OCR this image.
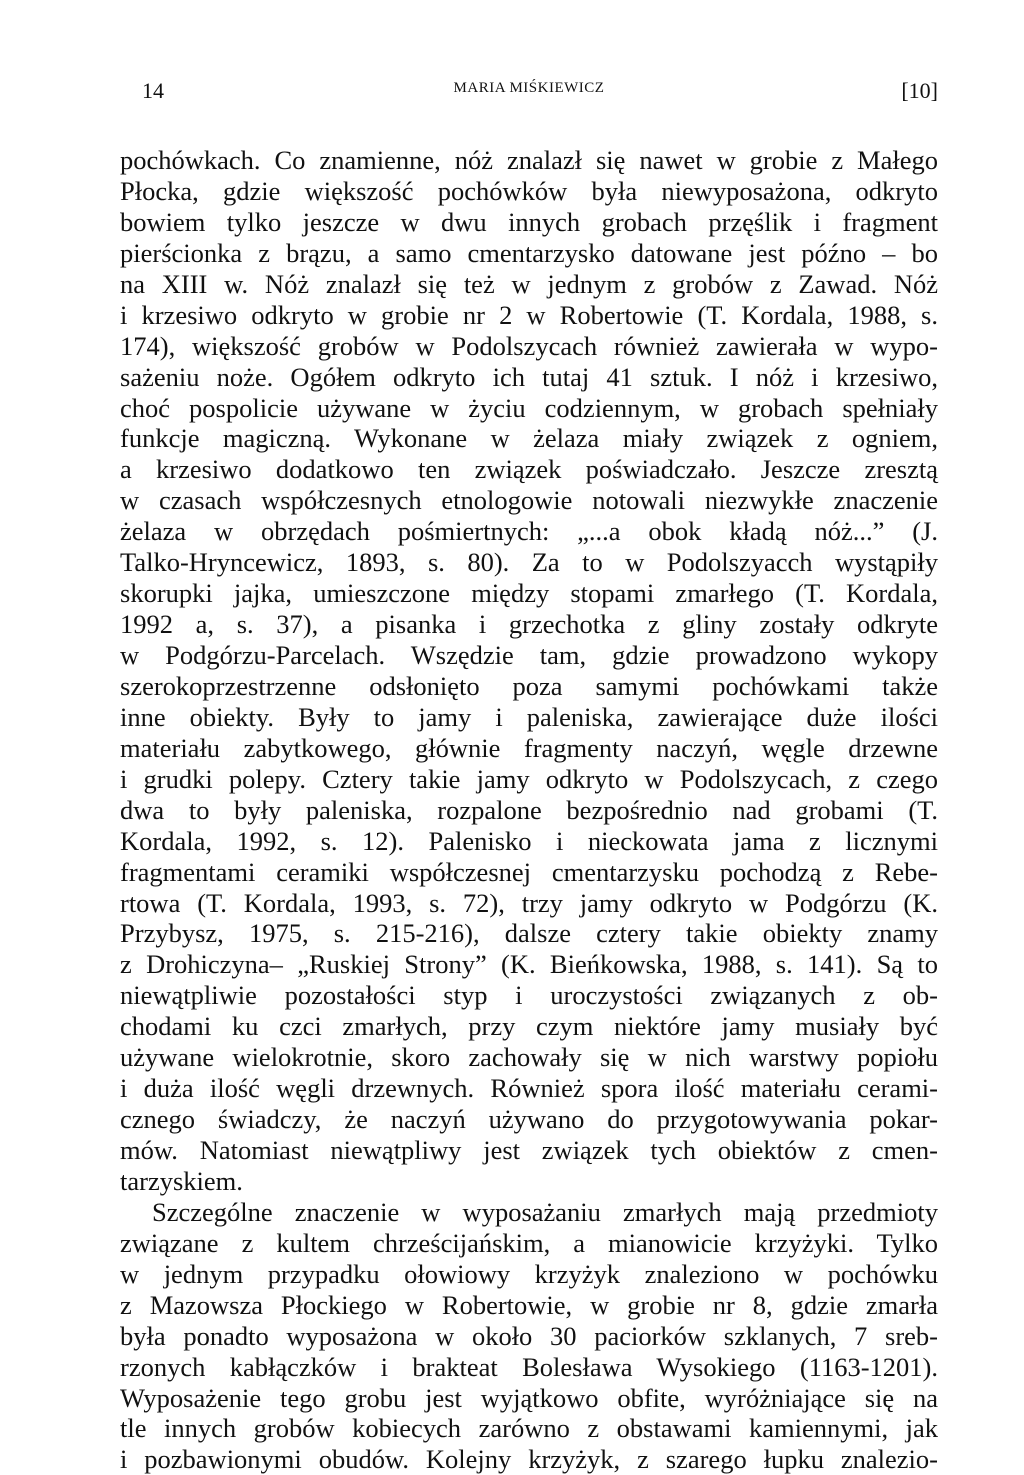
14	MARIA MIŚKIEWICZ	[10]
pochówkach. Co znamienne, nóż znalazł się nawet w grobie z Małego
Płocka, gdzie większość pochówków była niewyposażona, odkryto
bowiem tylko jeszcze w dwu innych grobach przęślik i fragment
pierścionka z brązu, a samo cmentarzysko datowane jest późno – bo
na XIII w. Nóż znalazł się też w jednym z grobów z Zawad. Nóż
i krzesiwo odkryto w grobie nr 2 w Robertowie (T. Kordala, 1988, s.
174), większość grobów w Podolszycach również zawierała w wypo-
sażeniu noże. Ogółem odkryto ich tutaj 41 sztuk. I nóż i krzesiwo,
choć pospolicie używane w życiu codziennym, w grobach spełniały
funkcje magiczną. Wykonane w żelaza miały związek z ogniem,
a krzesiwo dodatkowo ten związek poświadczało. Jeszcze zresztą
w czasach współczesnych etnologowie notowali niezwykłe znaczenie
żelaza w obrzędach pośmiertnych: „...a obok kładą nóż...” (J.
Talko-Hryncewicz, 1893, s. 80). Za to w Podolszyacch wystąpiły
skorupki jajka, umieszczone między stopami zmarłego (T. Kordala,
1992 a, s. 37), a pisanka i grzechotka z gliny zostały odkryte
w Podgórzu-Parcelach. Wszędzie tam, gdzie prowadzono wykopy
szerokoprzestrzenne odsłonięto poza samymi pochówkami także
inne obiekty. Były to jamy i paleniska, zawierające duże ilości
materiału zabytkowego, głównie fragmenty naczyń, węgle drzewne
i grudki polepy. Cztery takie jamy odkryto w Podolszycach, z czego
dwa to były paleniska, rozpalone bezpośrednio nad grobami (T.
Kordala, 1992, s. 12). Palenisko i nieckowata jama z licznymi
fragmentami ceramiki współczesnej cmentarzysku pochodzą z Rebe-
rtowa (T. Kordala, 1993, s. 72), trzy jamy odkryto w Podgórzu (K.
Przybysz, 1975, s. 215-216), dalsze cztery takie obiekty znamy
z Drohiczyna– „Ruskiej Strony” (K. Bieńkowska, 1988, s. 141). Są to
niewątpliwie pozostałości styp i uroczystości związanych z ob-
chodami ku czci zmarłych, przy czym niektóre jamy musiały być
używane wielokrotnie, skoro zachowały się w nich warstwy popiołu
i duża ilość węgli drzewnych. Również spora ilość materiału cerami-
cznego świadczy, że naczyń używano do przygotowywania pokar-
mów. Natomiast niewątpliwy jest związek tych obiektów z cmen-
tarzyskiem.
Szczególne znaczenie w wyposażaniu zmarłych mają przedmioty
związane z kultem chrześcijańskim, a mianowicie krzyżyki. Tylko
w jednym przypadku ołowiowy krzyżyk znaleziono w pochówku
z Mazowsza Płockiego w Robertowie, w grobie nr 8, gdzie zmarła
była ponadto wyposażona w około 30 paciorków szklanych, 7 sreb-
rzonych kabłączków i brakteat Bolesława Wysokiego (1163-1201).
Wyposażenie tego grobu jest wyjątkowo obfite, wyróżniające się na
tle innych grobów kobiecych zarówno z obstawami kamiennymi, jak
i pozbawionymi obudów. Kolejny krzyżyk, z szarego łupku znalezio-
